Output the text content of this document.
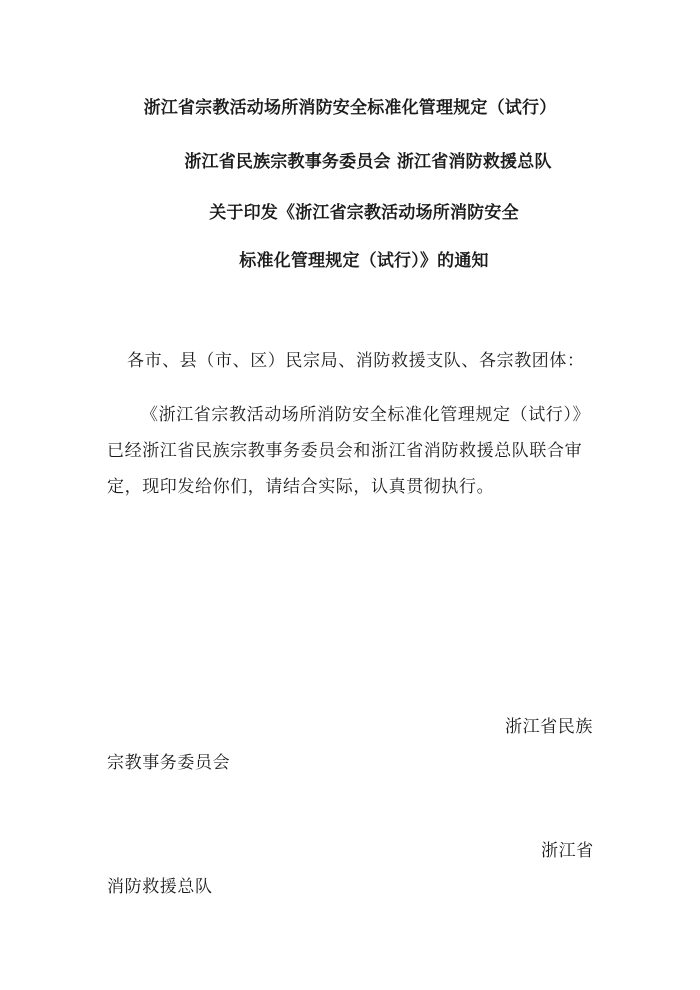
浙江省宗教活动场所消防安全标准化管理规定（试行）
浙江省民族宗教事务委员会 浙江省消防救援总队
关于印发《浙江省宗教活动场所消防安全
标准化管理规定（试行）》的通知
各市、县（市、区）民宗局、消防救援支队、各宗教团体：
《浙江省宗教活动场所消防安全标准化管理规定（试行）》
已经浙江省民族宗教事务委员会和浙江省消防救援总队联合审
定，现印发给你们，请结合实际，认真贯彻执行。
浙江省民族
宗教事务委员会
浙江省
消防救援总队
